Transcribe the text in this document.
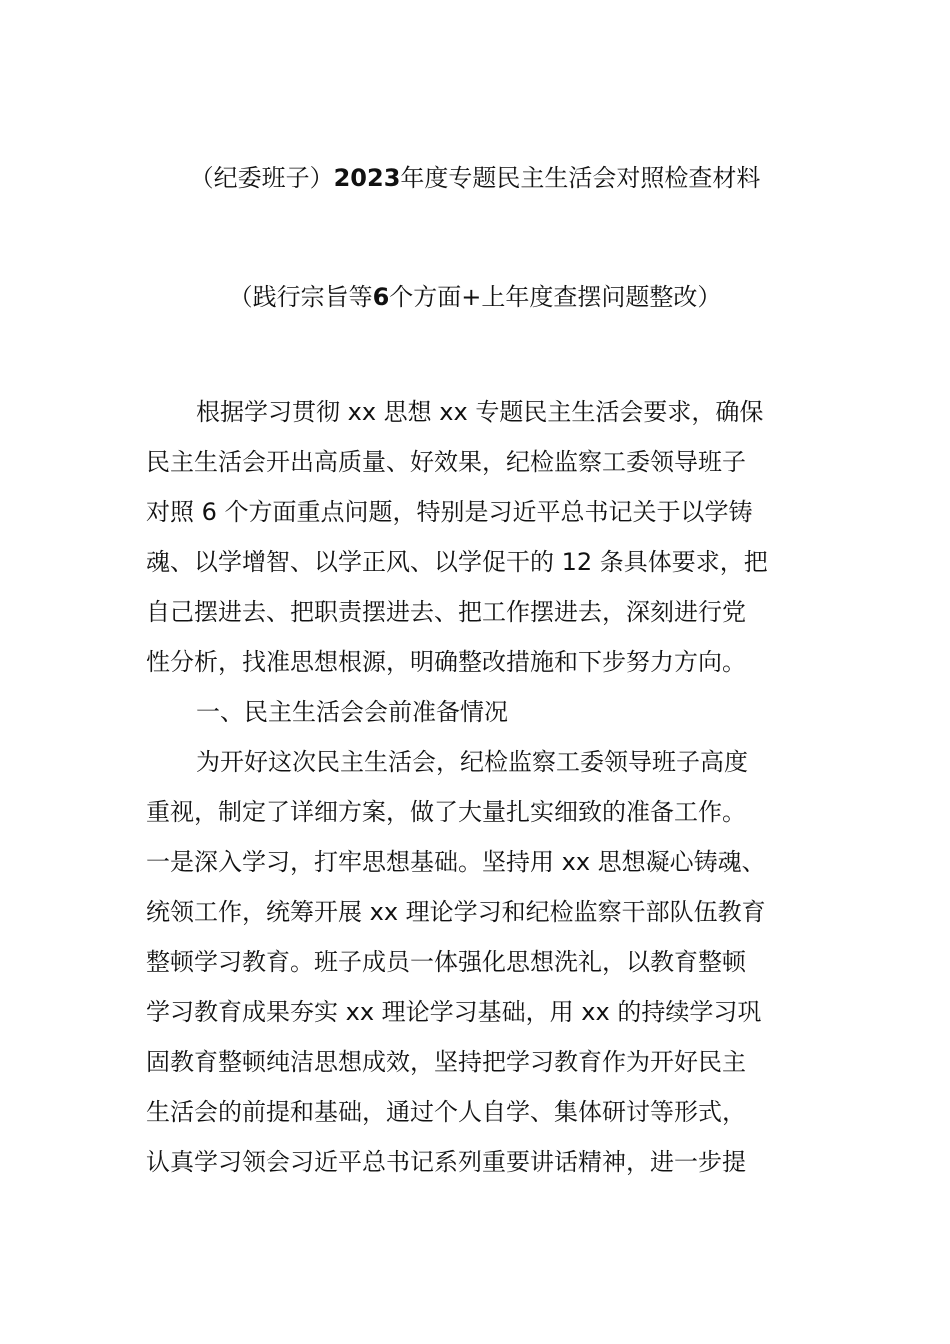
（纪委班子）2023年度专题民主生活会对照检查材料
（践行宗旨等6个方面+上年度查摆问题整改）
根据学习贯彻 xx 思想 xx 专题民主生活会要求，确保
民主生活会开出高质量、好效果，纪检监察工委领导班子
对照 6 个方面重点问题，特别是习近平总书记关于以学铸
魂、以学增智、以学正风、以学促干的 12 条具体要求，把
自己摆进去、把职责摆进去、把工作摆进去，深刻进行党
性分析，找准思想根源，明确整改措施和下步努力方向。
一、民主生活会会前准备情况
为开好这次民主生活会，纪检监察工委领导班子高度
重视，制定了详细方案，做了大量扎实细致的准备工作。
一是深入学习，打牢思想基础。坚持用 xx 思想凝心铸魂、
统领工作，统筹开展 xx 理论学习和纪检监察干部队伍教育
整顿学习教育。班子成员一体强化思想洗礼，以教育整顿
学习教育成果夯实 xx 理论学习基础，用 xx 的持续学习巩
固教育整顿纯洁思想成效，坚持把学习教育作为开好民主
生活会的前提和基础，通过个人自学、集体研讨等形式，
认真学习领会习近平总书记系列重要讲话精神，进一步提
